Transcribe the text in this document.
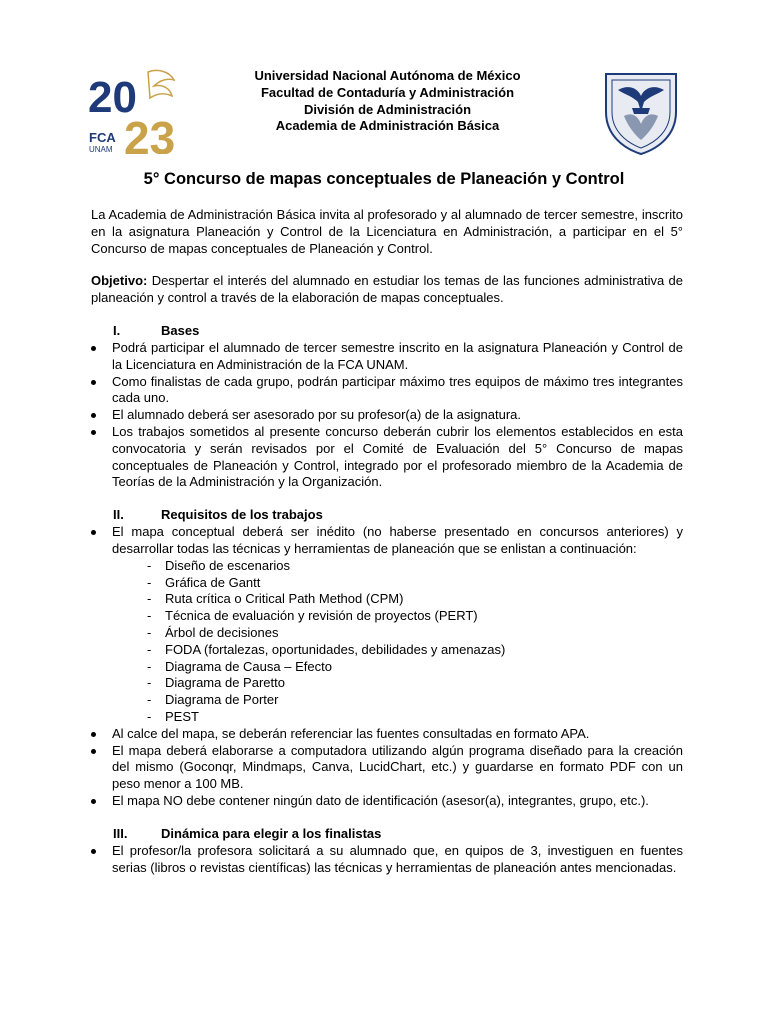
20
23
FCA
UNAM
Universidad Nacional Autónoma de México
Facultad de Contaduría y Administración
División de Administración
Academia de Administración Básica
5° Concurso de mapas conceptuales de Planeación y Control

La Academia de Administración Básica invita al profesorado y al alumnado de tercer semestre, inscrito en la asignatura Planeación y Control de la Licenciatura en Administración, a participar en el 5° Concurso de mapas conceptuales de Planeación y Control.

Objetivo: Despertar el interés del alumnado en estudiar los temas de las funciones administrativa de planeación y control a través de la elaboración de mapas conceptuales.

I.	Bases
Podrá participar el alumnado de tercer semestre inscrito en la asignatura Planeación y Control de la Licenciatura en Administración de la FCA UNAM.
Como finalistas de cada grupo, podrán participar máximo tres equipos de máximo tres integrantes cada uno.
El alumnado deberá ser asesorado por su profesor(a) de la asignatura.
Los trabajos sometidos al presente concurso deberán cubrir los elementos establecidos en esta convocatoria y serán revisados por el Comité de Evaluación del 5° Concurso de mapas conceptuales de Planeación y Control, integrado por el profesorado miembro de la Academia de Teorías de la Administración y la Organización.
II.	Requisitos de los trabajos
El mapa conceptual deberá ser inédito (no haberse presentado en concursos anteriores) y desarrollar todas las técnicas y herramientas de planeación que se enlistan a continuación:
- Diseño de escenarios
- Gráfica de Gantt
- Ruta crítica o Critical Path Method (CPM)
- Técnica de evaluación y revisión de proyectos (PERT)
- Árbol de decisiones
- FODA (fortalezas, oportunidades, debilidades y amenazas)
- Diagrama de Causa – Efecto
- Diagrama de Paretto
- Diagrama de Porter
- PEST
Al calce del mapa, se deberán referenciar las fuentes consultadas en formato APA.
El mapa deberá elaborarse a computadora utilizando algún programa diseñado para la creación del mismo (Goconqr, Mindmaps, Canva, LucidChart, etc.) y guardarse en formato PDF con un peso menor a 100 MB.
El mapa NO debe contener ningún dato de identificación (asesor(a), integrantes, grupo, etc.).
III.	Dinámica para elegir a los finalistas
El profesor/la profesora solicitará a su alumnado que, en quipos de 3, investiguen en fuentes serias (libros o revistas científicas) las técnicas y herramientas de planeación antes mencionadas.
